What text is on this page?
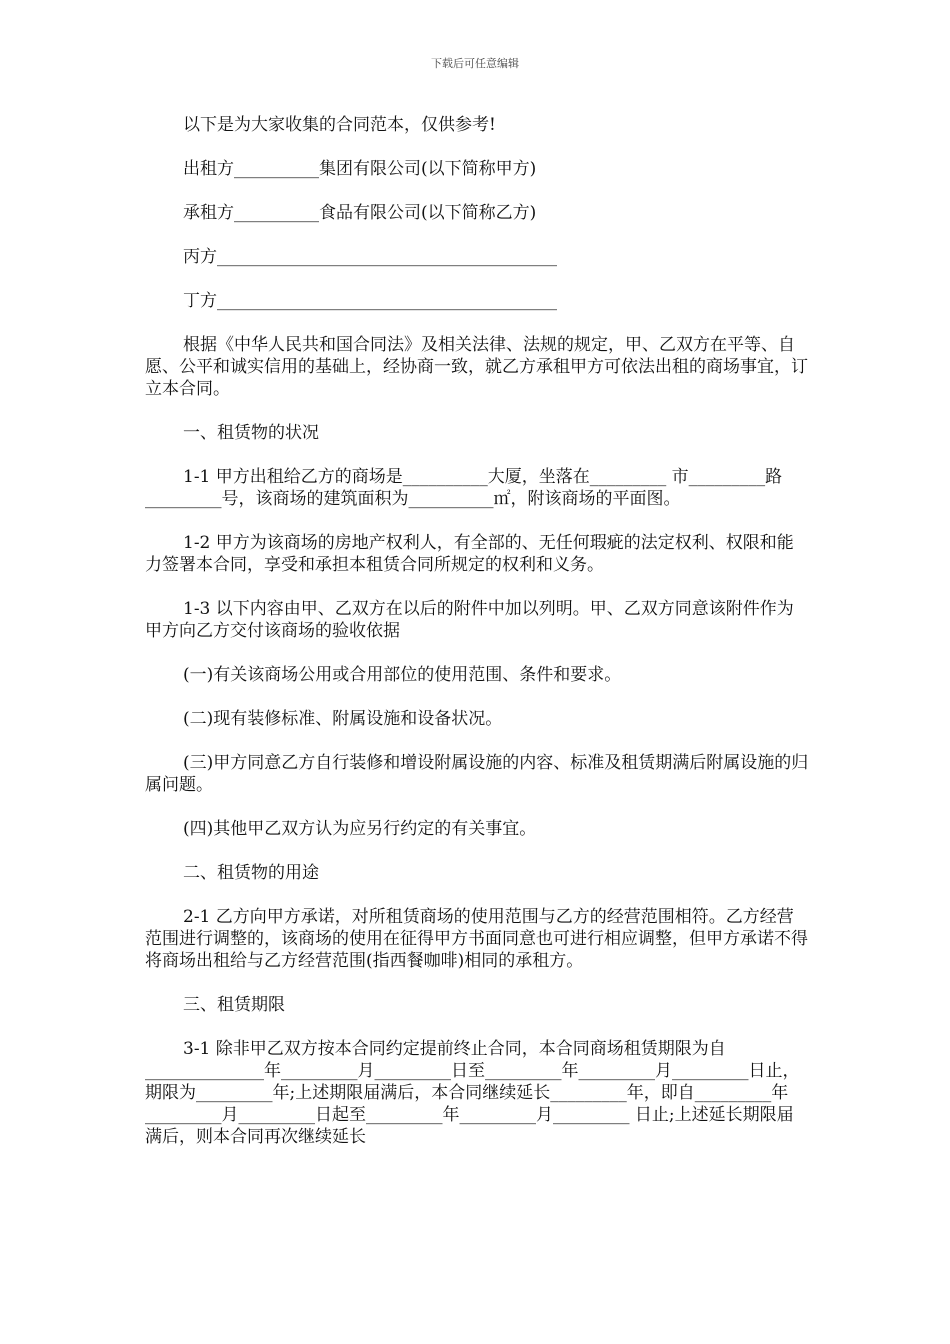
下载后可任意编辑

以下是为大家收集的合同范本，仅供参考!

出租方__________集团有限公司(以下简称甲方)

承租方__________食品有限公司(以下简称乙方)

丙方________________________________________

丁方________________________________________

根据《中华人民共和国合同法》及相关法律、法规的规定，甲、乙双方在平等、自愿、公平和诚实信用的基础上，经协商一致，就乙方承租甲方可依法出租的商场事宜，订立本合同。

一、租赁物的状况

1-1 甲方出租给乙方的商场是__________大厦，坐落在_________ 市_________路_________号，该商场的建筑面积为__________㎡，附该商场的平面图。

1-2 甲方为该商场的房地产权利人，有全部的、无任何瑕疵的法定权利、权限和能力签署本合同，享受和承担本租赁合同所规定的权利和义务。

1-3 以下内容由甲、乙双方在以后的附件中加以列明。甲、乙双方同意该附件作为甲方向乙方交付该商场的验收依据

(一)有关该商场公用或合用部位的使用范围、条件和要求。

(二)现有装修标准、附属设施和设备状况。

(三)甲方同意乙方自行装修和增设附属设施的内容、标准及租赁期满后附属设施的归属问题。

(四)其他甲乙双方认为应另行约定的有关事宜。

二、租赁物的用途

2-1 乙方向甲方承诺，对所租赁商场的使用范围与乙方的经营范围相符。乙方经营范围进行调整的，该商场的使用在征得甲方书面同意也可进行相应调整，但甲方承诺不得将商场出租给与乙方经营范围(指西餐咖啡)相同的承租方。

三、租赁期限

3-1 除非甲乙双方按本合同约定提前终止合同，本合同商场租赁期限为自______________年_________月_________日至_________年_________月_________日止，期限为_________年;上述期限届满后，本合同继续延长_________年，即自_________年_________月_________日起至_________年_________月_________ 日止;上述延长期限届满后，则本合同再次继续延长
